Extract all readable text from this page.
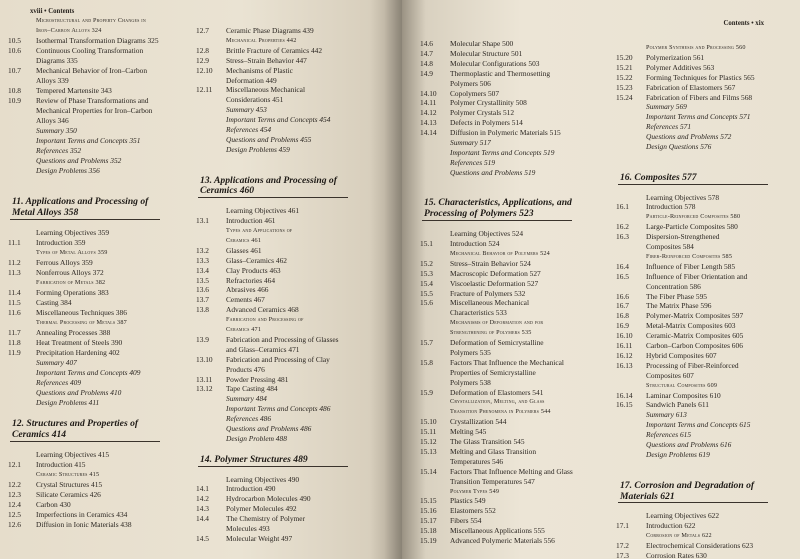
xviii • Contents
Microstructural and Property Changes in
Iron–Carbon Alloys 324
10.5 Isothermal Transformation Diagrams 325
10.6 Continuous Cooling Transformation
Diagrams 335
10.7 Mechanical Behavior of Iron–Carbon
Alloys 339
10.8 Tempered Martensite 343
10.9 Review of Phase Transformations and
Mechanical Properties for Iron–Carbon
Alloys 346
Summary 350
Important Terms and Concepts 351
References 352
Questions and Problems 352
Design Problems 356
11. Applications and Processing of
Metal Alloys 358
Learning Objectives 359
11.1 Introduction 359
Types of Metal Alloys 359
11.2 Ferrous Alloys 359
11.3 Nonferrous Alloys 372
Fabrication of Metals 382
11.4 Forming Operations 383
11.5 Casting 384
11.6 Miscellaneous Techniques 386
Thermal Processing of Metals 387
11.7 Annealing Processes 388
11.8 Heat Treatment of Steels 390
11.9 Precipitation Hardening 402
Summary 407
Important Terms and Concepts 409
References 409
Questions and Problems 410
Design Problems 411
12. Structures and Properties of
Ceramics 414
Learning Objectives 415
12.1 Introduction 415
Ceramic Structures 415
12.2 Crystal Structures 415
12.3 Silicate Ceramics 426
12.4 Carbon 430
12.5 Imperfections in Ceramics 434
12.6 Diffusion in Ionic Materials 438
12.7 Ceramic Phase Diagrams 439
Mechanical Properties 442
12.8 Brittle Fracture of Ceramics 442
12.9 Stress–Strain Behavior 447
12.10 Mechanisms of Plastic
Deformation 449
12.11 Miscellaneous Mechanical
Considerations 451
Summary 453
Important Terms and Concepts 454
References 454
Questions and Problems 455
Design Problems 459
13. Applications and Processing of
Ceramics 460
Learning Objectives 461
13.1 Introduction 461
Types and Applications of
Ceramics 461
13.2 Glasses 461
13.3 Glass–Ceramics 462
13.4 Clay Products 463
13.5 Refractories 464
13.6 Abrasives 466
13.7 Cements 467
13.8 Advanced Ceramics 468
Fabrication and Processing of
Ceramics 471
13.9 Fabrication and Processing of Glasses
and Glass–Ceramics 471
13.10 Fabrication and Processing of Clay
Products 476
13.11 Powder Pressing 481
13.12 Tape Casting 484
Summary 484
Important Terms and Concepts 486
References 486
Questions and Problems 486
Design Problem 488
14. Polymer Structures 489
Learning Objectives 490
14.1 Introduction 490
14.2 Hydrocarbon Molecules 490
14.3 Polymer Molecules 492
14.4 The Chemistry of Polymer
Molecules 493
14.5 Molecular Weight 497
Contents • xix
14.6 Molecular Shape 500
14.7 Molecular Structure 501
14.8 Molecular Configurations 503
14.9 Thermoplastic and Thermosetting
Polymers 506
14.10 Copolymers 507
14.11 Polymer Crystallinity 508
14.12 Polymer Crystals 512
14.13 Defects in Polymers 514
14.14 Diffusion in Polymeric Materials 515
Summary 517
Important Terms and Concepts 519
References 519
Questions and Problems 519
15. Characteristics, Applications, and
Processing of Polymers 523
Learning Objectives 524
15.1 Introduction 524
Mechanical Behavior of Polymers 524
15.2 Stress–Strain Behavior 524
15.3 Macroscopic Deformation 527
15.4 Viscoelastic Deformation 527
15.5 Fracture of Polymers 532
15.6 Miscellaneous Mechanical
Characteristics 533
Mechanisms of Deformation and for
Strengthening of Polymers 535
15.7 Deformation of Semicrystalline
Polymers 535
15.8 Factors That Influence the Mechanical
Properties of Semicrystalline
Polymers 538
15.9 Deformation of Elastomers 541
Crystallization, Melting, and Glass
Transition Phenomena in Polymers 544
15.10 Crystallization 544
15.11 Melting 545
15.12 The Glass Transition 545
15.13 Melting and Glass Transition
Temperatures 546
15.14 Factors That Influence Melting and Glass
Transition Temperatures 547
Polymer Types 549
15.15 Plastics 549
15.16 Elastomers 552
15.17 Fibers 554
15.18 Miscellaneous Applications 555
15.19 Advanced Polymeric Materials 556
Polymer Synthesis and Processing 560
15.20 Polymerization 561
15.21 Polymer Additives 563
15.22 Forming Techniques for Plastics 565
15.23 Fabrication of Elastomers 567
15.24 Fabrication of Fibers and Films 568
Summary 569
Important Terms and Concepts 571
References 571
Questions and Problems 572
Design Questions 576
16. Composites 577
Learning Objectives 578
16.1 Introduction 578
Particle-Reinforced Composites 580
16.2 Large-Particle Composites 580
16.3 Dispersion-Strengthened
Composites 584
Fiber-Reinforced Composites 585
16.4 Influence of Fiber Length 585
16.5 Influence of Fiber Orientation and
Concentration 586
16.6 The Fiber Phase 595
16.7 The Matrix Phase 596
16.8 Polymer-Matrix Composites 597
16.9 Metal-Matrix Composites 603
16.10 Ceramic-Matrix Composites 605
16.11 Carbon–Carbon Composites 606
16.12 Hybrid Composites 607
16.13 Processing of Fiber-Reinforced
Composites 607
Structural Composites 609
16.14 Laminar Composites 610
16.15 Sandwich Panels 611
Summary 613
Important Terms and Concepts 615
References 615
Questions and Problems 616
Design Problems 619
17. Corrosion and Degradation of
Materials 621
Learning Objectives 622
17.1 Introduction 622
Corrosion of Metals 622
17.2 Electrochemical Considerations 623
17.3 Corrosion Rates 630
